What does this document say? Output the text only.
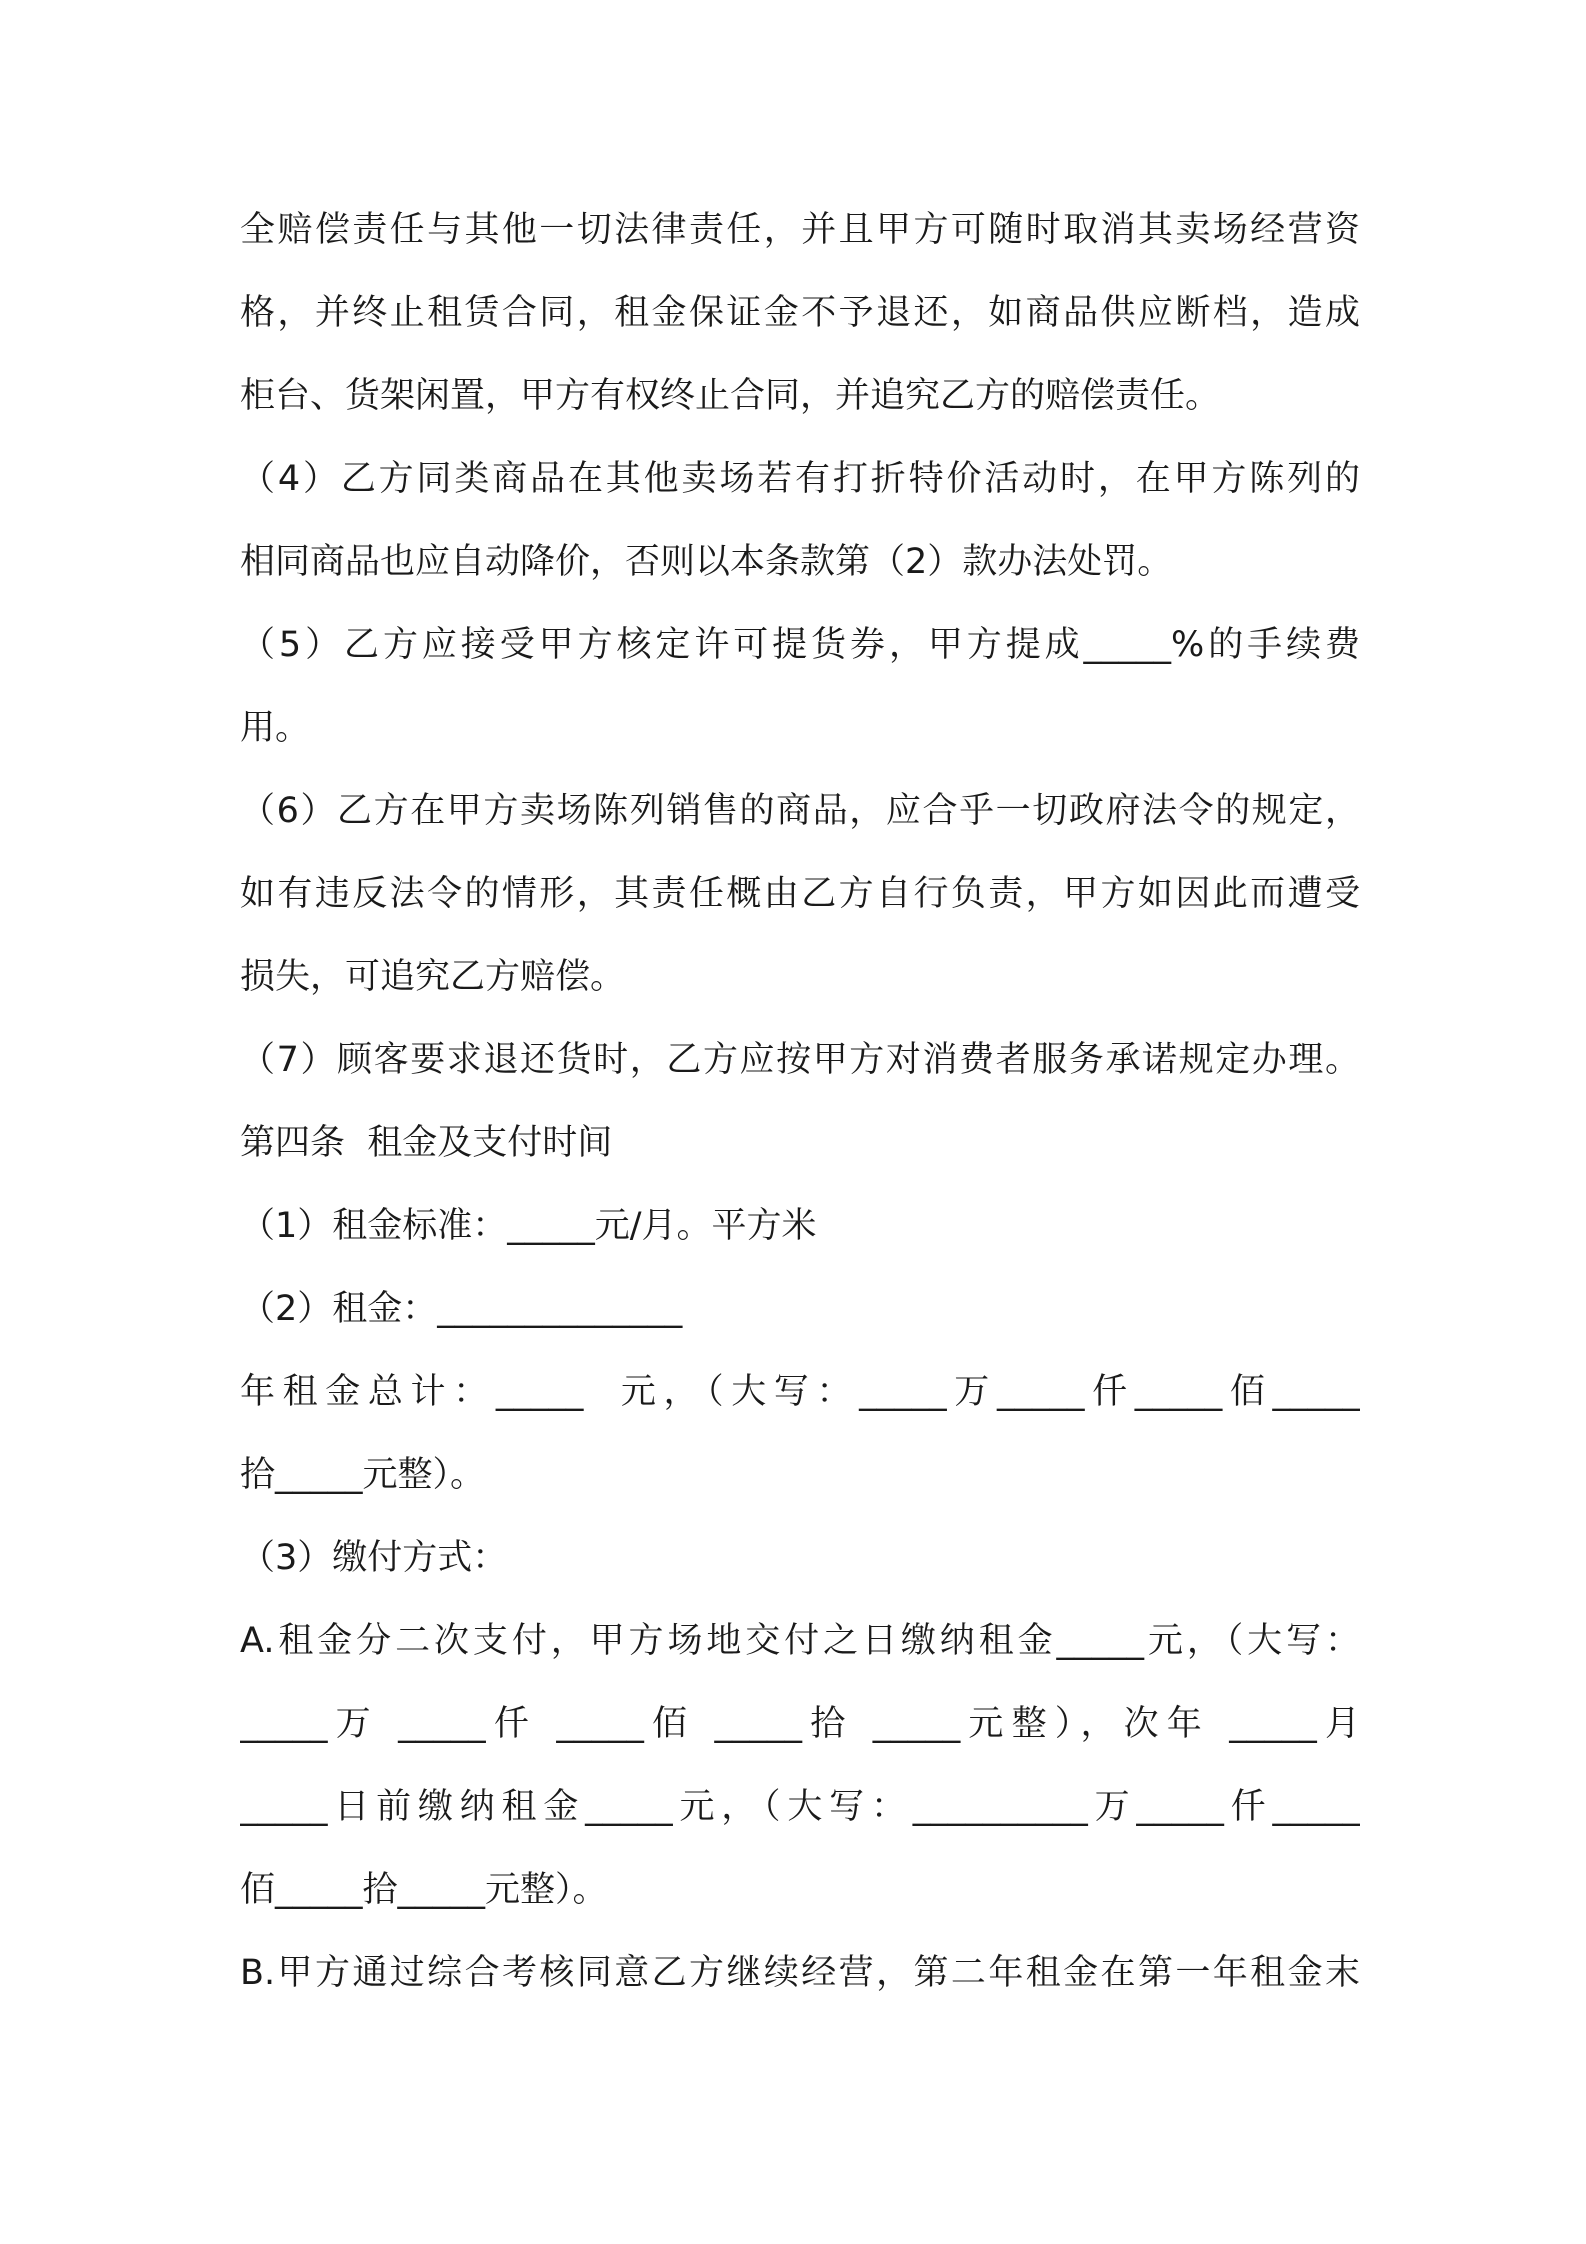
全赔偿责任与其他一切法律责任，并且甲方可随时取消其卖场经营资
格，并终止租赁合同，租金保证金不予退还，如商品供应断档，造成
柜台、货架闲置，甲方有权终止合同，并追究乙方的赔偿责任。
（4）乙方同类商品在其他卖场若有打折特价活动时，在甲方陈列的
相同商品也应自动降价，否则以本条款第（2）款办法处罚。
（5）乙方应接受甲方核定许可提货券，甲方提成_____%的手续费
用。
（6）乙方在甲方卖场陈列销售的商品，应合乎一切政府法令的规定，
如有违反法令的情形，其责任概由乙方自行负责，甲方如因此而遭受
损失，可追究乙方赔偿。
（7）顾客要求退还货时，乙方应按甲方对消费者服务承诺规定办理。
第四条  租金及支付时间
（1）租金标准：_____元/月。平方米
（2）租金：______________
年租金总计：_____  元，（大写：_____万_____仟_____佰_____
拾_____元整）。
（3）缴付方式：
A.租金分二次支付，甲方场地交付之日缴纳租金_____元，（大写：
_____万 _____仟 _____佰 _____拾 _____元整），次年 _____月
_____日前缴纳租金_____元，（大写：__________万_____仟_____
佰_____拾_____元整）。
B.甲方通过综合考核同意乙方继续经营，第二年租金在第一年租金末
